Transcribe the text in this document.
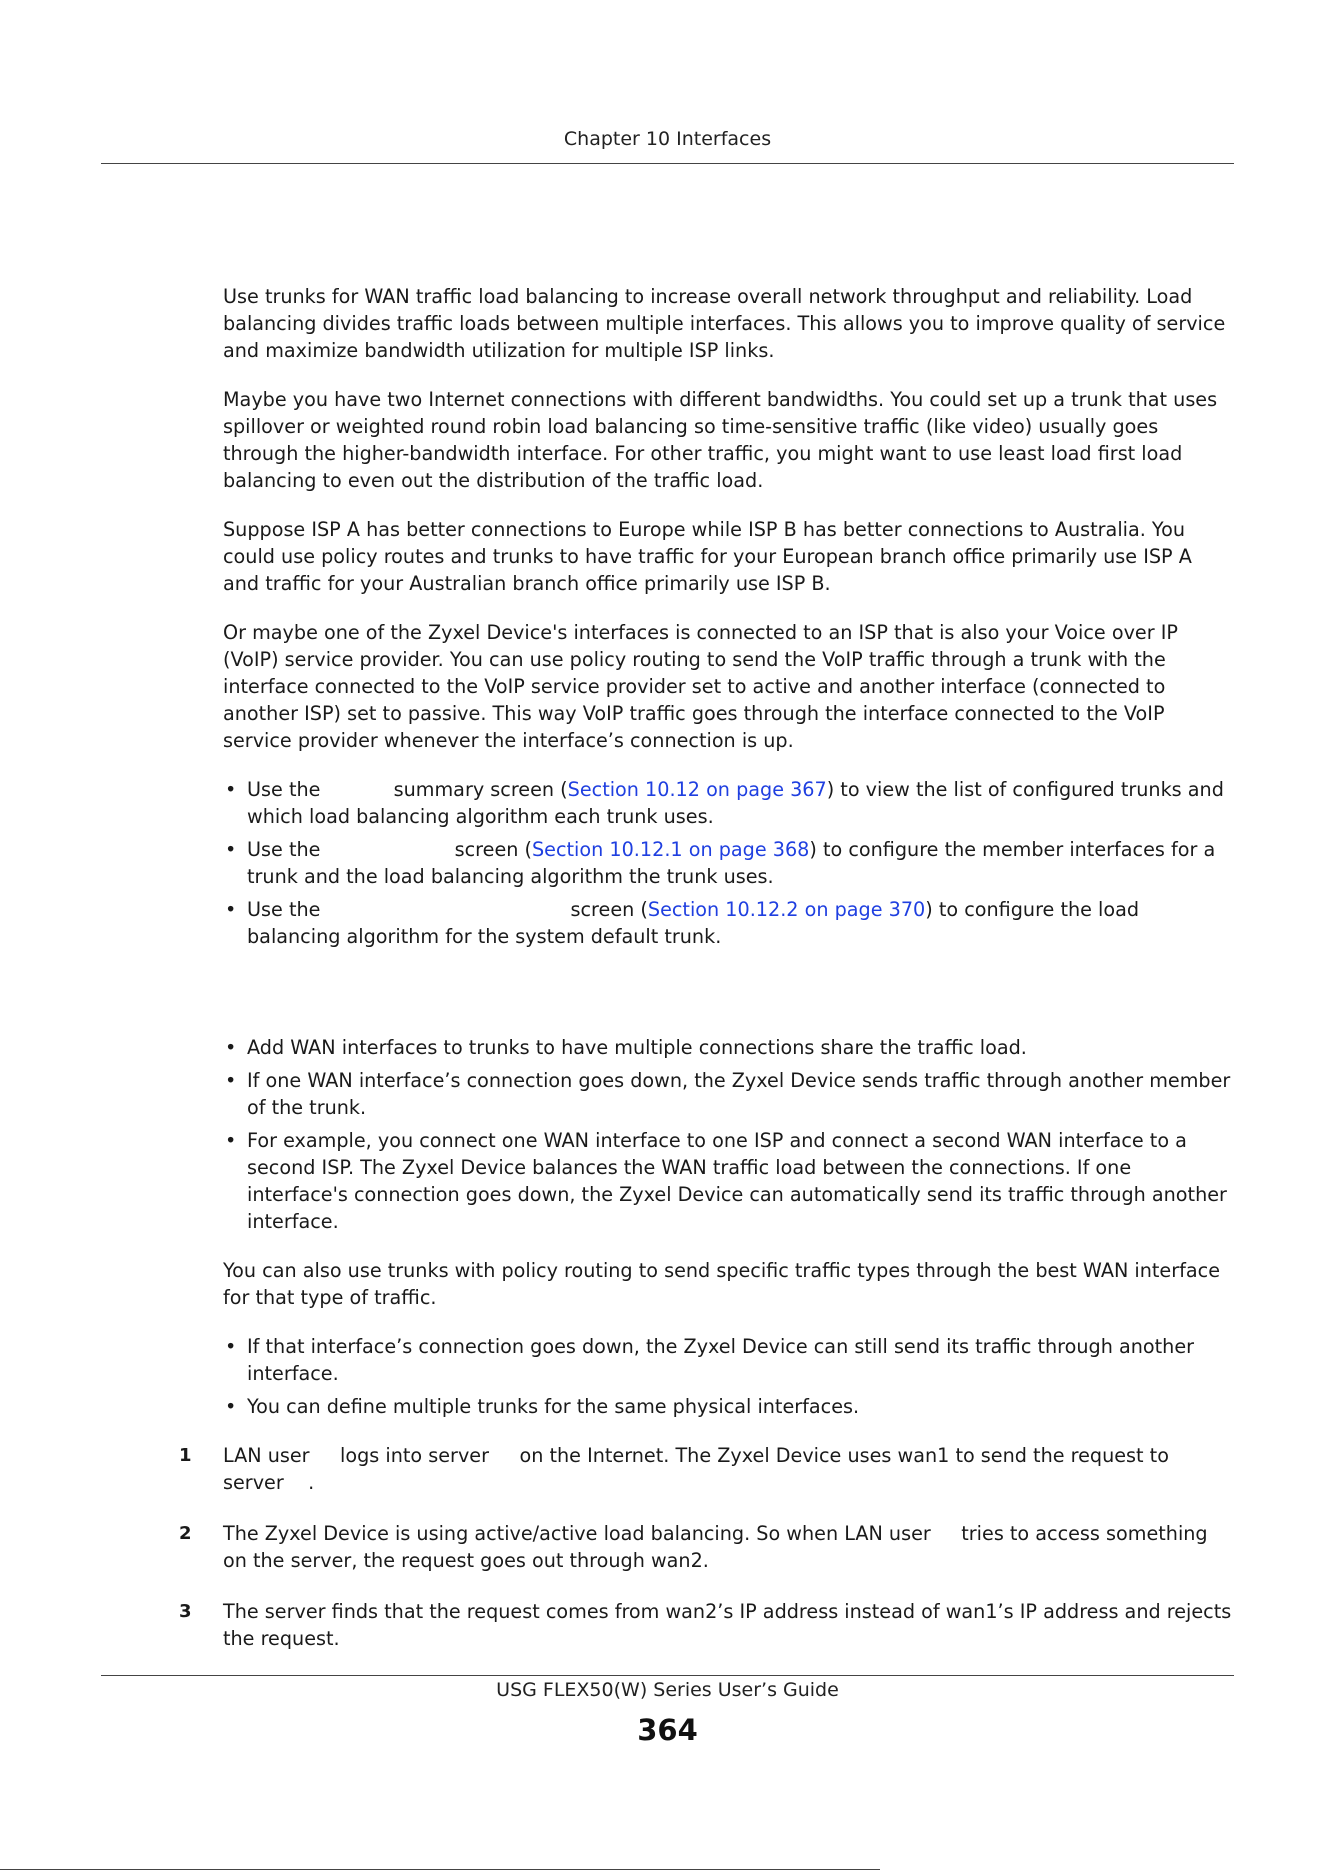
Chapter 10 Interfaces

Use trunks for WAN traffic load balancing to increase overall network throughput and reliability. Load balancing divides traffic loads between multiple interfaces. This allows you to improve quality of service and maximize bandwidth utilization for multiple ISP links.

Maybe you have two Internet connections with different bandwidths. You could set up a trunk that uses spillover or weighted round robin load balancing so time-sensitive traffic (like video) usually goes through the higher-bandwidth interface. For other traffic, you might want to use least load first load balancing to even out the distribution of the traffic load.

Suppose ISP A has better connections to Europe while ISP B has better connections to Australia. You could use policy routes and trunks to have traffic for your European branch office primarily use ISP A and traffic for your Australian branch office primarily use ISP B.

Or maybe one of the Zyxel Device's interfaces is connected to an ISP that is also your Voice over IP (VoIP) service provider. You can use policy routing to send the VoIP traffic through a trunk with the interface connected to the VoIP service provider set to active and another interface (connected to another ISP) set to passive. This way VoIP traffic goes through the interface connected to the VoIP service provider whenever the interface’s connection is up.

• Use the	summary screen (Section 10.12 on page 367) to view the list of configured trunks and which load balancing algorithm each trunk uses.
• Use the	screen (Section 10.12.1 on page 368) to configure the member interfaces for a trunk and the load balancing algorithm the trunk uses.
• Use the	screen (Section 10.12.2 on page 370) to configure the load balancing algorithm for the system default trunk.
• Add WAN interfaces to trunks to have multiple connections share the traffic load.
• If one WAN interface’s connection goes down, the Zyxel Device sends traffic through another member of the trunk.
• For example, you connect one WAN interface to one ISP and connect a second WAN interface to a second ISP. The Zyxel Device balances the WAN traffic load between the connections. If one interface's connection goes down, the Zyxel Device can automatically send its traffic through another interface.

You can also use trunks with policy routing to send specific traffic types through the best WAN interface for that type of traffic.

• If that interface’s connection goes down, the Zyxel Device can still send its traffic through another interface.
• You can define multiple trunks for the same physical interfaces.
1 LAN user     logs into server     on the Internet. The Zyxel Device uses wan1 to send the request to server    .
2 The Zyxel Device is using active/active load balancing. So when LAN user     tries to access something on the server, the request goes out through wan2.
3 The server finds that the request comes from wan2’s IP address instead of wan1’s IP address and rejects the request.
USG FLEX50(W) Series User’s Guide
364
